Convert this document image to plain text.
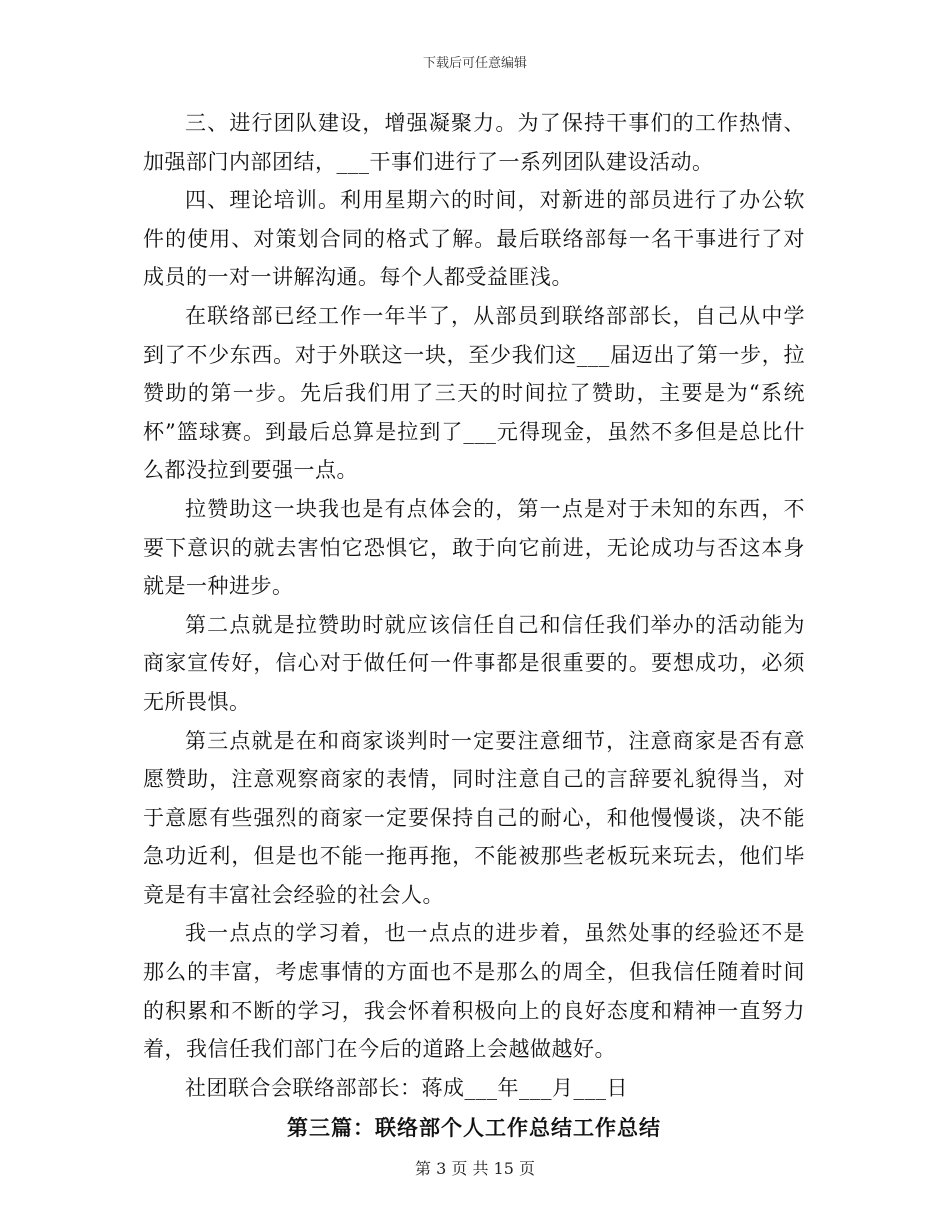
下载后可任意编辑

三、进行团队建设，增强凝聚力。为了保持干事们的工作热情、加强部门内部团结，___干事们进行了一系列团队建设活动。

四、理论培训。利用星期六的时间，对新进的部员进行了办公软件的使用、对策划合同的格式了解。最后联络部每一名干事进行了对成员的一对一讲解沟通。每个人都受益匪浅。

在联络部已经工作一年半了，从部员到联络部部长，自己从中学到了不少东西。对于外联这一块，至少我们这___届迈出了第一步，拉赞助的第一步。先后我们用了三天的时间拉了赞助，主要是为“系统杯”篮球赛。到最后总算是拉到了___元得现金，虽然不多但是总比什么都没拉到要强一点。

拉赞助这一块我也是有点体会的，第一点是对于未知的东西，不要下意识的就去害怕它恐惧它，敢于向它前进，无论成功与否这本身就是一种进步。

第二点就是拉赞助时就应该信任自己和信任我们举办的活动能为商家宣传好，信心对于做任何一件事都是很重要的。要想成功，必须无所畏惧。

第三点就是在和商家谈判时一定要注意细节，注意商家是否有意愿赞助，注意观察商家的表情，同时注意自己的言辞要礼貌得当，对于意愿有些强烈的商家一定要保持自己的耐心，和他慢慢谈，决不能急功近利，但是也不能一拖再拖，不能被那些老板玩来玩去，他们毕竟是有丰富社会经验的社会人。

我一点点的学习着，也一点点的进步着，虽然处事的经验还不是那么的丰富，考虑事情的方面也不是那么的周全，但我信任随着时间的积累和不断的学习，我会怀着积极向上的良好态度和精神一直努力着，我信任我们部门在今后的道路上会越做越好。

社团联合会联络部部长：蒋成___年___月___日

第三篇：联络部个人工作总结工作总结
第 3 页 共 15 页
